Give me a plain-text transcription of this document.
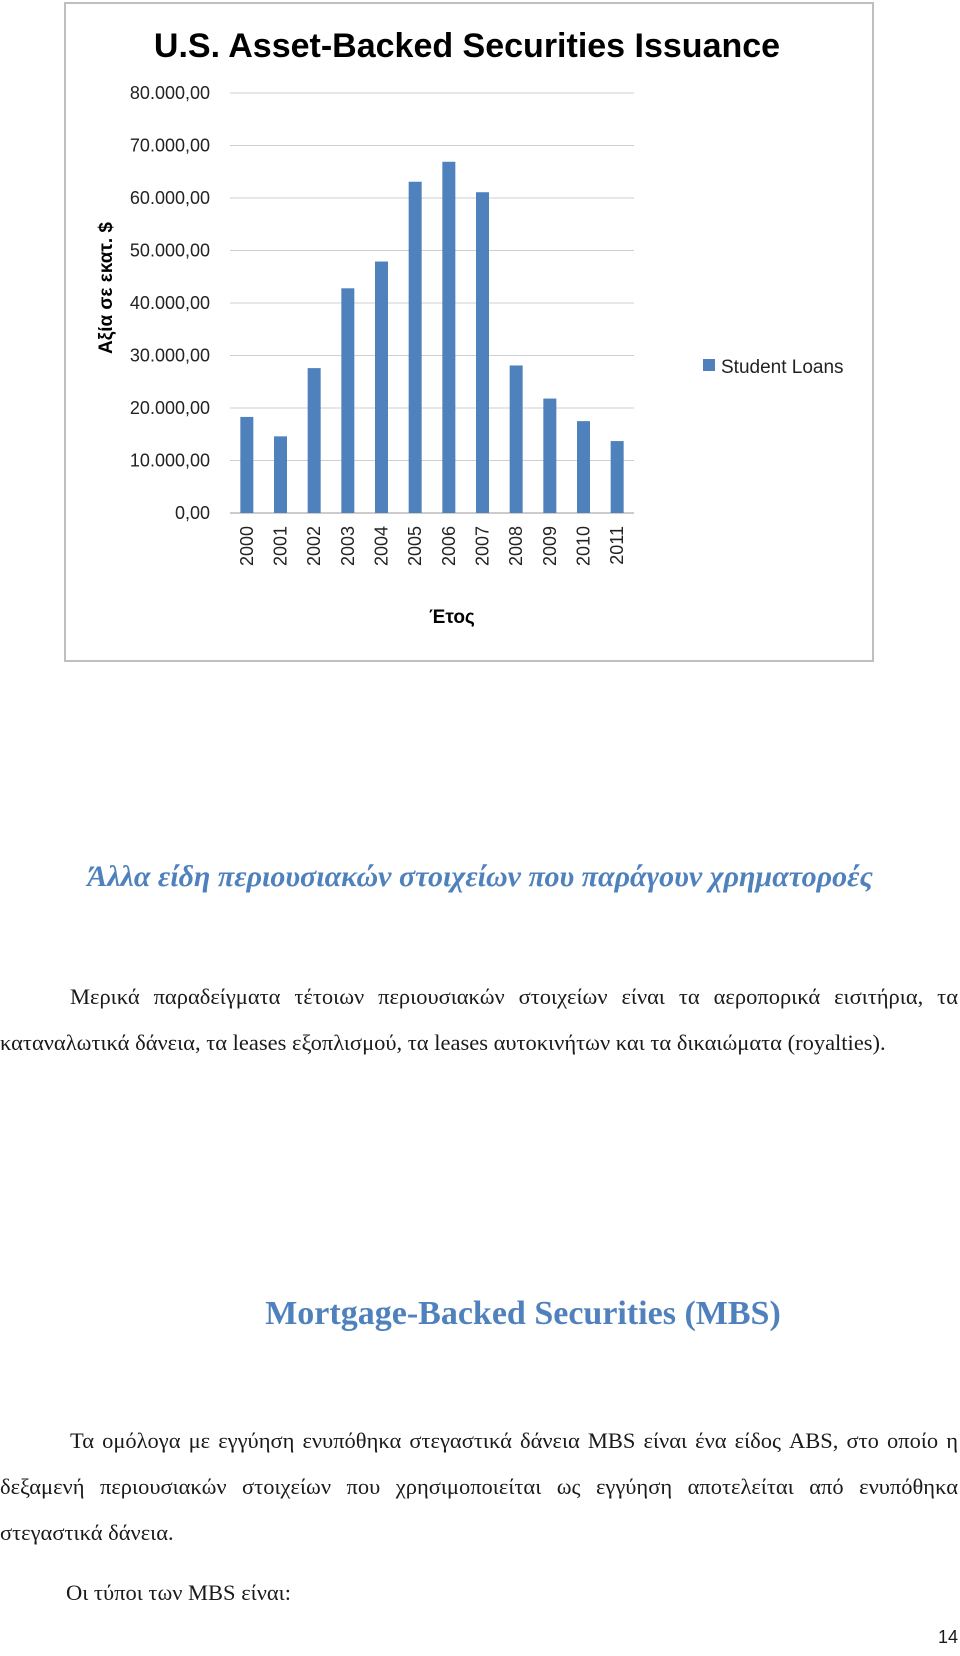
U.S. Asset-Backed Securities Issuance
0,00
10.000,00
20.000,00
30.000,00
40.000,00
50.000,00
60.000,00
70.000,00
80.000,00
2000 2001 2002 2003 2004 2005 2006 2007 2008 2009 2010 2011
Αξία σε εκατ. $
Έτος
Student Loans
Άλλα είδη περιουσιακών στοιχείων που παράγουν χρηματοροές

Μερικά παραδείγματα τέτοιων περιουσιακών στοιχείων είναι τα αεροπορικά εισιτήρια, τα καταναλωτικά δάνεια, τα leases εξοπλισμού, τα leases αυτοκινήτων και τα δικαιώματα (royalties).

Mortgage-Backed Securities (MBS)

Τα ομόλογα με εγγύηση ενυπόθηκα στεγαστικά δάνεια MBS είναι ένα είδος ABS, στο οποίο η δεξαμενή περιουσιακών στοιχείων που χρησιμοποιείται ως εγγύηση αποτελείται από ενυπόθηκα στεγαστικά δάνεια.

Οι τύποι των MBS είναι:

14
